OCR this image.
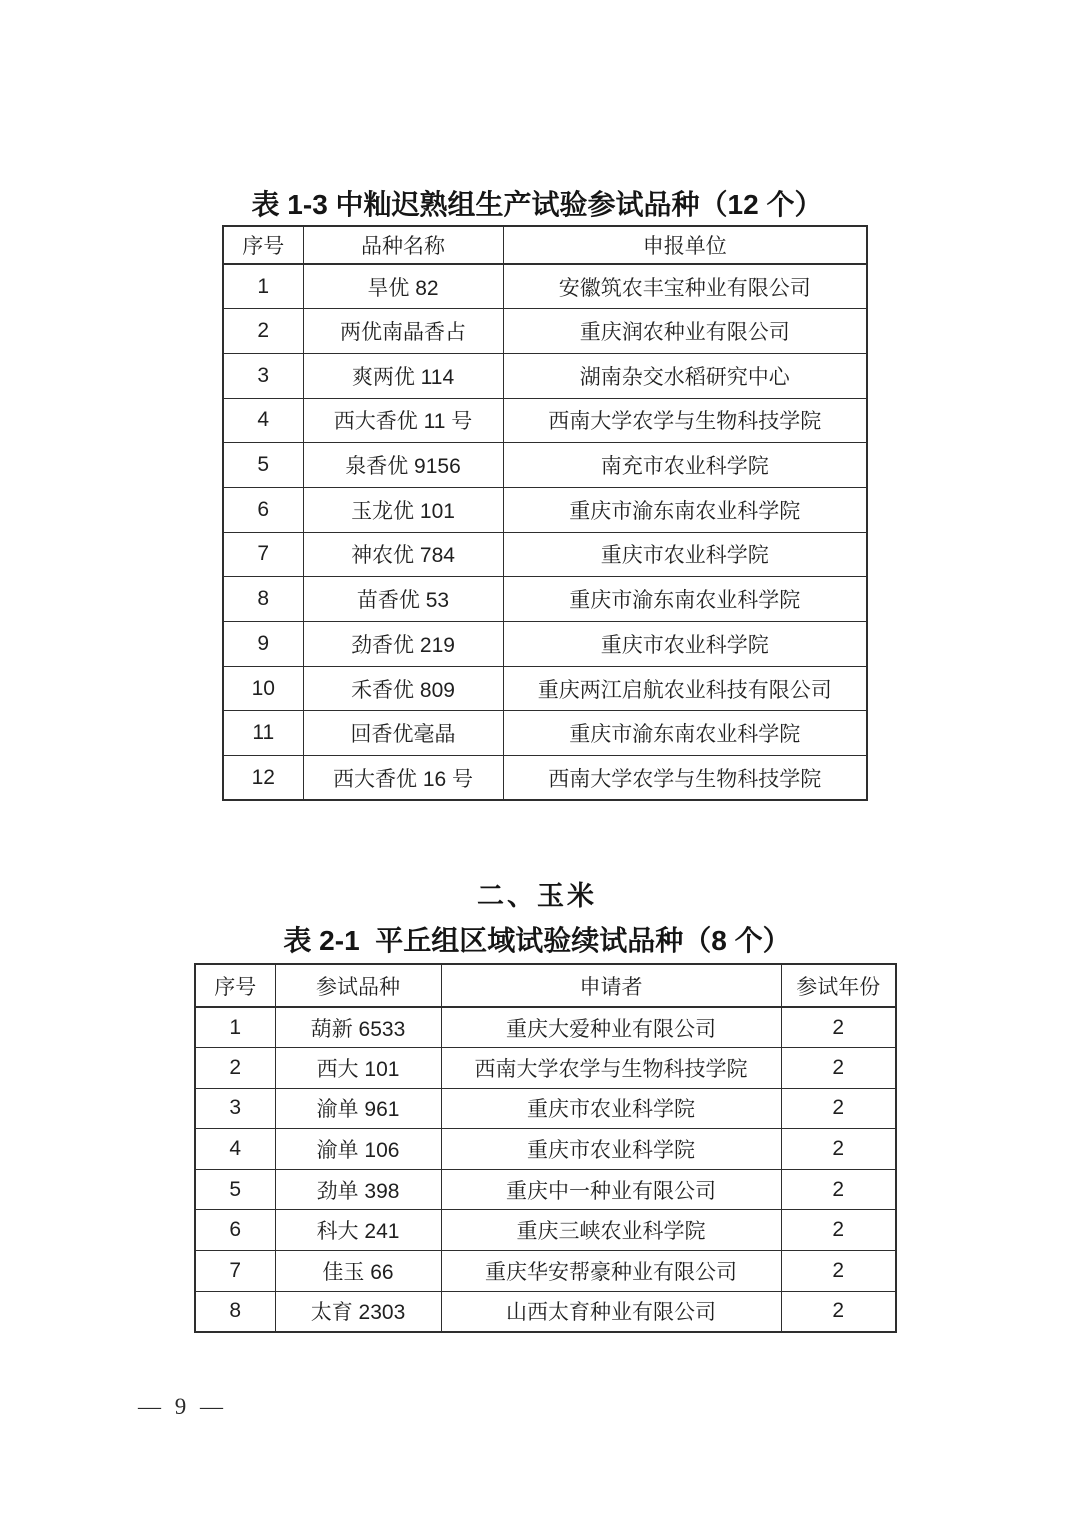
表 1-3 中籼迟熟组生产试验参试品种（12 个）
序号	品种名称	申报单位
1	旱优 82	安徽筑农丰宝种业有限公司
2	两优南晶香占	重庆润农种业有限公司
3	爽两优 114	湖南杂交水稻研究中心
4	西大香优 11 号	西南大学农学与生物科技学院
5	泉香优 9156	南充市农业科学院
6	玉龙优 101	重庆市渝东南农业科学院
7	神农优 784	重庆市农业科学院
8	苗香优 53	重庆市渝东南农业科学院
9	劲香优 219	重庆市农业科学院
10	禾香优 809	重庆两江启航农业科技有限公司
11	回香优毫晶	重庆市渝东南农业科学院
12	西大香优 16 号	西南大学农学与生物科技学院
二、玉米
表 2-1  平丘组区域试验续试品种（8 个）
序号	参试品种	申请者	参试年份
1	葫新 6533	重庆大爱种业有限公司	2
2	西大 101	西南大学农学与生物科技学院	2
3	渝单 961	重庆市农业科学院	2
4	渝单 106	重庆市农业科学院	2
5	劲单 398	重庆中一种业有限公司	2
6	科大 241	重庆三峡农业科学院	2
7	佳玉 66	重庆华安帮豪种业有限公司	2
8	太育 2303	山西太育种业有限公司	2
— 9 —
